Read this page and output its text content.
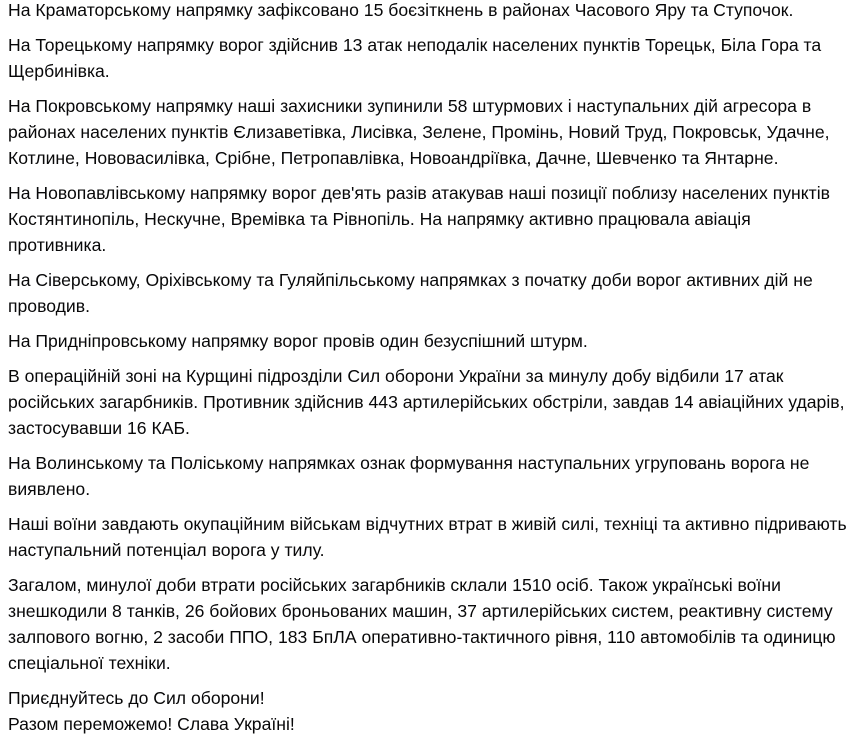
На Краматорському напрямку зафіксовано 15 боєзіткнень в районах Часового Яру та Ступочок.

На Торецькому напрямку ворог здійснив 13 атак неподалік населених пунктів Торецьк, Біла Гора та Щербинівка.

На Покровському напрямку наші захисники зупинили 58 штурмових і наступальних дій агресора в районах населених пунктів Єлизаветівка, Лисівка, Зелене, Промінь, Новий Труд, Покровськ, Удачне, Котлине, Нововасилівка, Срібне, Петропавлівка, Новоандріївка, Дачне, Шевченко та Янтарне.

На Новопавлівському напрямку ворог дев'ять разів атакував наші позиції поблизу населених пунктів Костянтинопіль, Нескучне, Времівка та Рівнопіль. На напрямку активно працювала авіація противника.

На Сіверському, Оріхівському та Гуляйпільському напрямках з початку доби ворог активних дій не проводив.

На Придніпровському напрямку ворог провів один безуспішний штурм.

В операційній зоні на Курщині підрозділи Сил оборони України за минулу добу відбили 17 атак російських загарбників. Противник здійснив 443 артилерійських обстріли, завдав 14 авіаційних ударів, застосувавши 16 КАБ.

На Волинському та Поліському напрямках ознак формування наступальних угруповань ворога не виявлено.

Наші воїни завдають окупаційним військам відчутних втрат в живій силі, техніці та активно підривають наступальний потенціал ворога у тилу.

Загалом, минулої доби втрати російських загарбників склали 1510 осіб. Також українські воїни знешкодили 8 танків, 26 бойових броньованих машин, 37 артилерійських систем, реактивну систему залпового вогню, 2 засоби ППО, 183 БпЛА оперативно-тактичного рівня, 110 автомобілів та одиницю спеціальної техніки.

Приєднуйтесь до Сил оборони!
Разом переможемо! Слава Україні!
